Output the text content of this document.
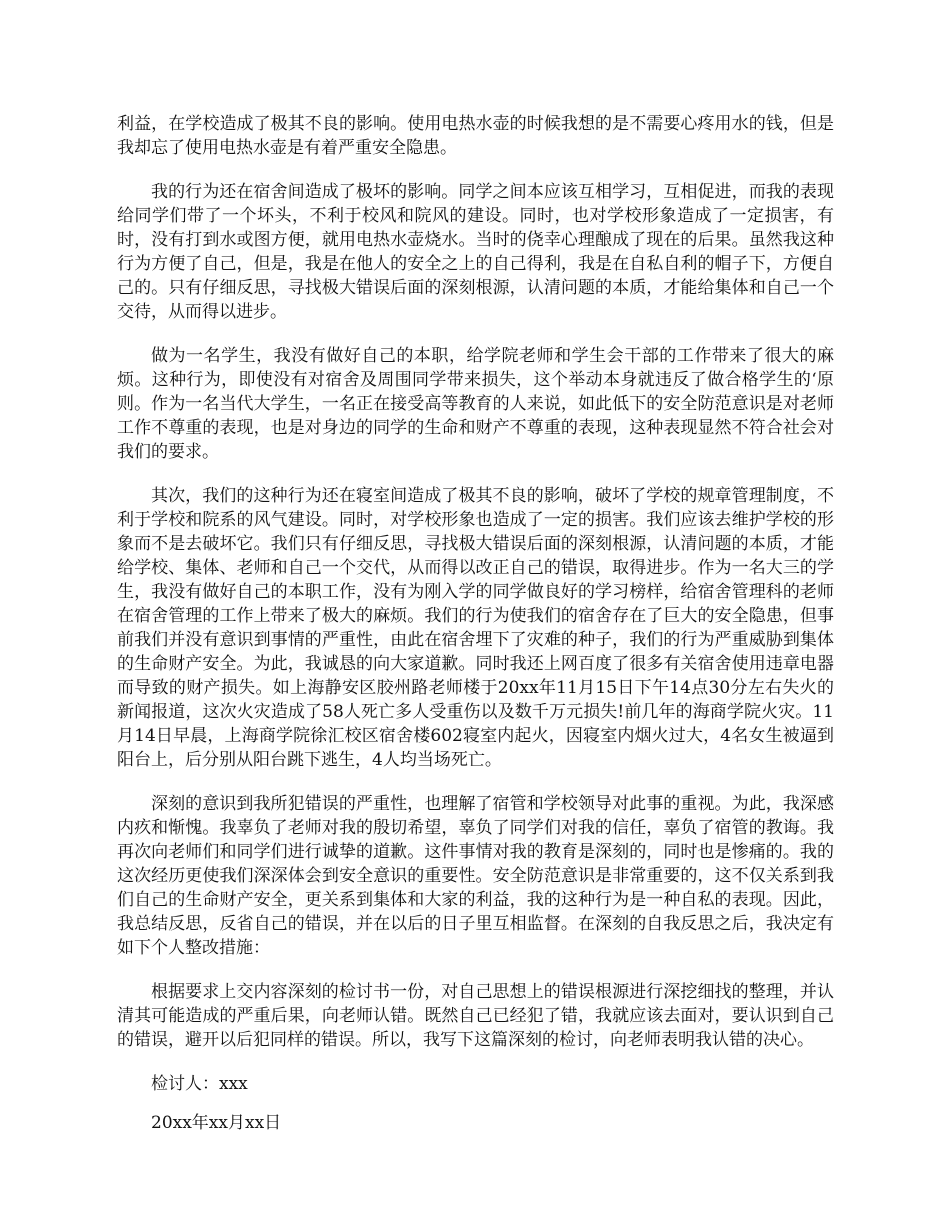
利益，在学校造成了极其不良的影响。使用电热水壶的时候我想的是不需要心疼用水的钱，但是我却忘了使用电热水壶是有着严重安全隐患。

我的行为还在宿舍间造成了极坏的影响。同学之间本应该互相学习，互相促进，而我的表现给同学们带了一个坏头，不利于校风和院风的建设。同时，也对学校形象造成了一定损害，有时，没有打到水或图方便，就用电热水壶烧水。当时的侥幸心理酿成了现在的后果。虽然我这种行为方便了自己，但是，我是在他人的安全之上的自己得利，我是在自私自利的帽子下，方便自己的。只有仔细反思，寻找极大错误后面的深刻根源，认清问题的本质，才能给集体和自己一个交待，从而得以进步。

做为一名学生，我没有做好自己的本职，给学院老师和学生会干部的工作带来了很大的麻烦。这种行为，即使没有对宿舍及周围同学带来损失，这个举动本身就违反了做合格学生的‘原则。作为一名当代大学生，一名正在接受高等教育的人来说，如此低下的安全防范意识是对老师工作不尊重的表现，也是对身边的同学的生命和财产不尊重的表现，这种表现显然不符合社会对我们的要求。

其次，我们的这种行为还在寝室间造成了极其不良的影响，破坏了学校的规章管理制度，不利于学校和院系的风气建设。同时，对学校形象也造成了一定的损害。我们应该去维护学校的形象而不是去破坏它。我们只有仔细反思，寻找极大错误后面的深刻根源，认清问题的本质，才能给学校、集体、老师和自己一个交代，从而得以改正自己的错误，取得进步。作为一名大三的学生，我没有做好自己的本职工作，没有为刚入学的同学做良好的学习榜样，给宿舍管理科的老师在宿舍管理的工作上带来了极大的麻烦。我们的行为使我们的宿舍存在了巨大的安全隐患，但事前我们并没有意识到事情的严重性，由此在宿舍埋下了灾难的种子，我们的行为严重威胁到集体的生命财产安全。为此，我诚恳的向大家道歉。同时我还上网百度了很多有关宿舍使用违章电器而导致的财产损失。如上海静安区胶州路老师楼于20xx年11月15日下午14点30分左右失火的新闻报道，这次火灾造成了58人死亡多人受重伤以及数千万元损失!前几年的海商学院火灾。11月14日早晨，上海商学院徐汇校区宿舍楼602寝室内起火，因寝室内烟火过大，4名女生被逼到阳台上，后分别从阳台跳下逃生，4人均当场死亡。

深刻的意识到我所犯错误的严重性，也理解了宿管和学校领导对此事的重视。为此，我深感内疚和惭愧。我辜负了老师对我的殷切希望，辜负了同学们对我的信任，辜负了宿管的教诲。我再次向老师们和同学们进行诚挚的道歉。这件事情对我的教育是深刻的，同时也是惨痛的。我的这次经历更使我们深深体会到安全意识的重要性。安全防范意识是非常重要的，这不仅关系到我们自己的生命财产安全，更关系到集体和大家的利益，我的这种行为是一种自私的表现。因此，我总结反思，反省自己的错误，并在以后的日子里互相监督。在深刻的自我反思之后，我决定有如下个人整改措施：

根据要求上交内容深刻的检讨书一份，对自己思想上的错误根源进行深挖细找的整理，并认清其可能造成的严重后果，向老师认错。既然自己已经犯了错，我就应该去面对，要认识到自己的错误，避开以后犯同样的错误。所以，我写下这篇深刻的检讨，向老师表明我认错的决心。

检讨人：xxx
20xx年xx月xx日
